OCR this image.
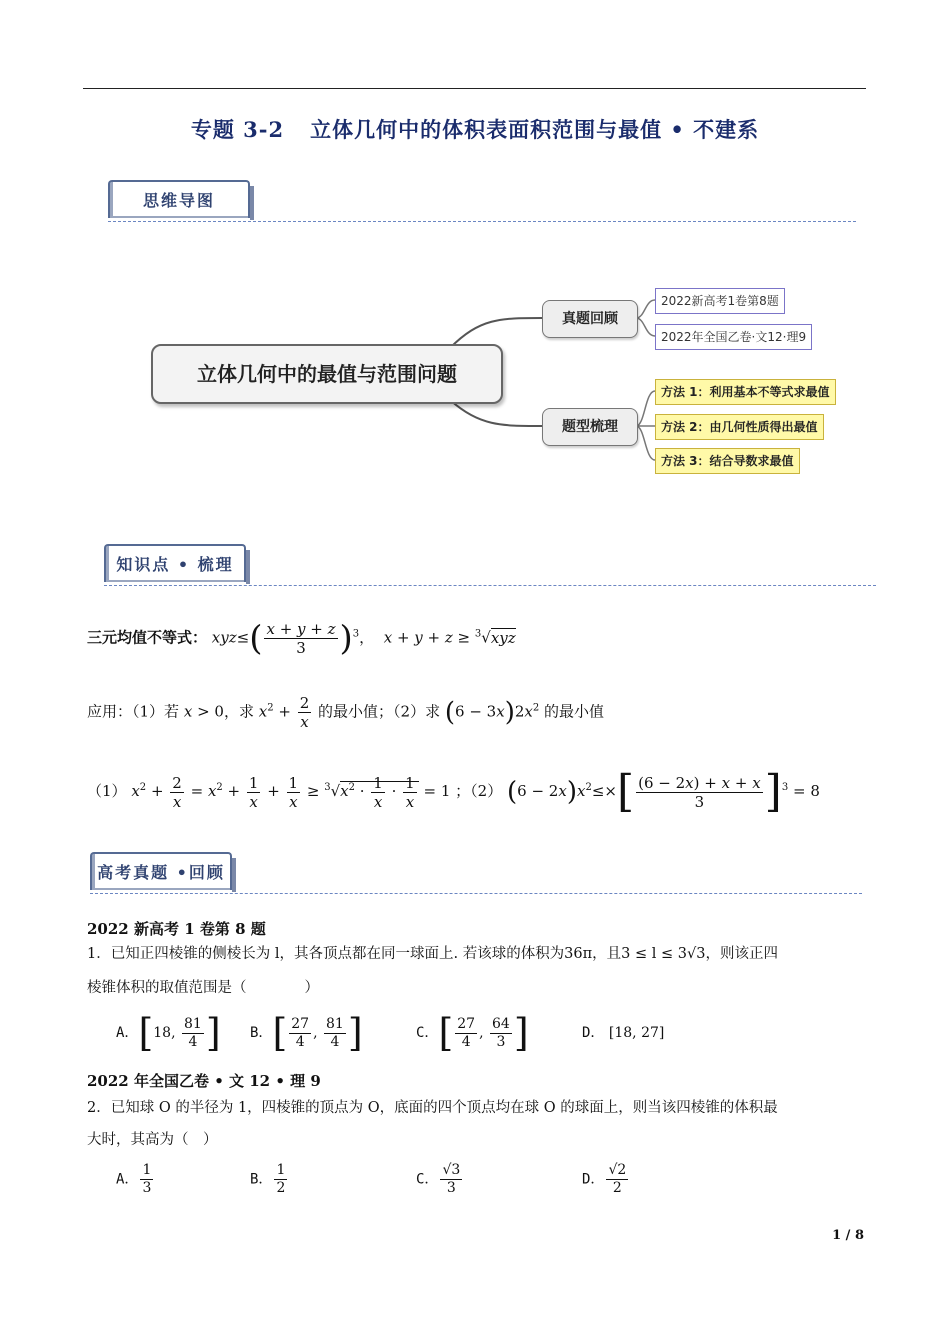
专题 3-2 立体几何中的体积表面积范围与最值 • 不建系
思维导图
立体几何中的最值与范围问题
真题回顾
题型梳理
2022新高考1卷第8题
2022年全国乙卷·文12·理9
方法 1：利用基本不等式求最值
方法 2：由几何性质得出最值
方法 3：结合导数求最值
知识点 • 梳理
三元均值不等式： $xyz\le( \frac{x + y + z}{3} )^3$，  x + y + z ≥ $^3$√xyz
应用：（1）若 x > 0，求 $x^2 + \frac{2}{x}$ 的最小值；（2）求 $(6 - 3x)2x^2$ 的最小值
（1） $x^2 + \frac{2}{x} = x^2 + \frac{1}{x} + \frac{1}{x} \ge ^3√x^2 \cdot \frac{1}{x} \cdot \frac{1}{x} = 1$ ；（2） $(6 - 2x)x^2\le\times[ \frac{(6 - 2x) + x + x}{3} ]^3 = 8$
高考真题 •回顾
2022 新高考 1 卷第 8 题
1．已知正四棱锥的侧棱长为 l，其各顶点都在同一球面上. 若该球的体积为36π，且3 ≤ l ≤ 3√3，则该正四
棱锥体积的取值范围是（　　　　）
A．[18, $\frac{81}{4}$ ] B．[ $\frac{27}{4}$ , $\frac{81}{4}$ ]	C．[ $\frac{27}{4}$ , $\frac{64}{3}$ ]	D． [18, 27]
2022 年全国乙卷 • 文 12 • 理 9
2．已知球 O 的半径为 1，四棱锥的顶点为 O，底面的四个顶点均在球 O 的球面上，则当该四棱锥的体积最
大时，其高为（　）
A． $\frac{1}{3}$	B． $\frac{1}{2}$	C． $\frac{√3}{3}$	D． $\frac{√2}{2}$
1 / 8
